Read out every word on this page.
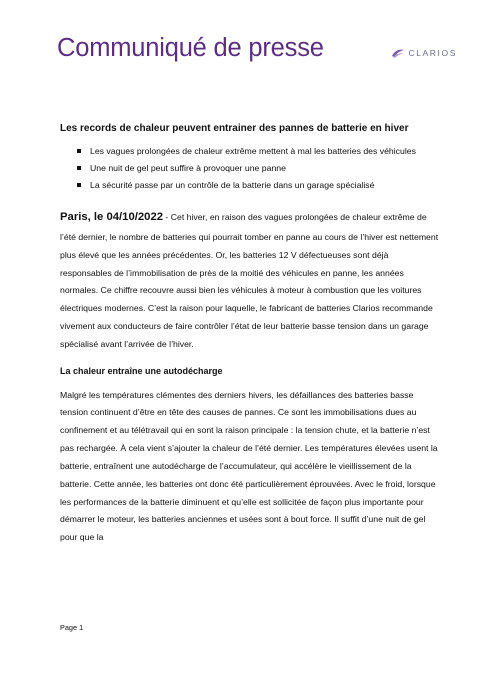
Communiqué de presse	CLARIOS
Les records de chaleur peuvent entrainer des pannes de batterie en hiver
Les vagues prolongées de chaleur extrême mettent à mal les batteries des véhicules
Une nuit de gel peut suffire à provoquer une panne
La sécurité passe par un contrôle de la batterie dans un garage spécialisé

Paris, le 04/10/2022 - Cet hiver, en raison des vagues prolongées de chaleur extrême de l’été dernier, le nombre de batteries qui pourrait tomber en panne au cours de l’hiver est nettement plus élevé que les années précédentes. Or, les batteries 12 V défectueuses sont déjà responsables de l’immobilisation de près de la moitié des véhicules en panne, les années normales. Ce chiffre recouvre aussi bien les véhicules à moteur à combustion que les voitures électriques modernes. C’est la raison pour laquelle, le fabricant de batteries Clarios recommande vivement aux conducteurs de faire contrôler l’état de leur batterie basse tension dans un garage spécialisé avant l’arrivée de l’hiver.

La chaleur entraîne une autodécharge

Malgré les températures clémentes des derniers hivers, les défaillances des batteries basse tension continuent d’être en tête des causes de pannes. Ce sont les immobilisations dues au confinement et au télétravail qui en sont la raison principale : la tension chute, et la batterie n’est pas rechargée. À cela vient s’ajouter la chaleur de l’été dernier. Les températures élevées usent la batterie, entraînent une autodécharge de l’accumulateur, qui accélère le vieillissement de la batterie. Cette année, les batteries ont donc été particulièrement éprouvées. Avec le froid, lorsque les performances de la batterie diminuent et qu’elle est sollicitée de façon plus importante pour démarrer le moteur, les batteries anciennes et usées sont à bout force. Il suffit d’une nuit de gel pour que la

Page 1
